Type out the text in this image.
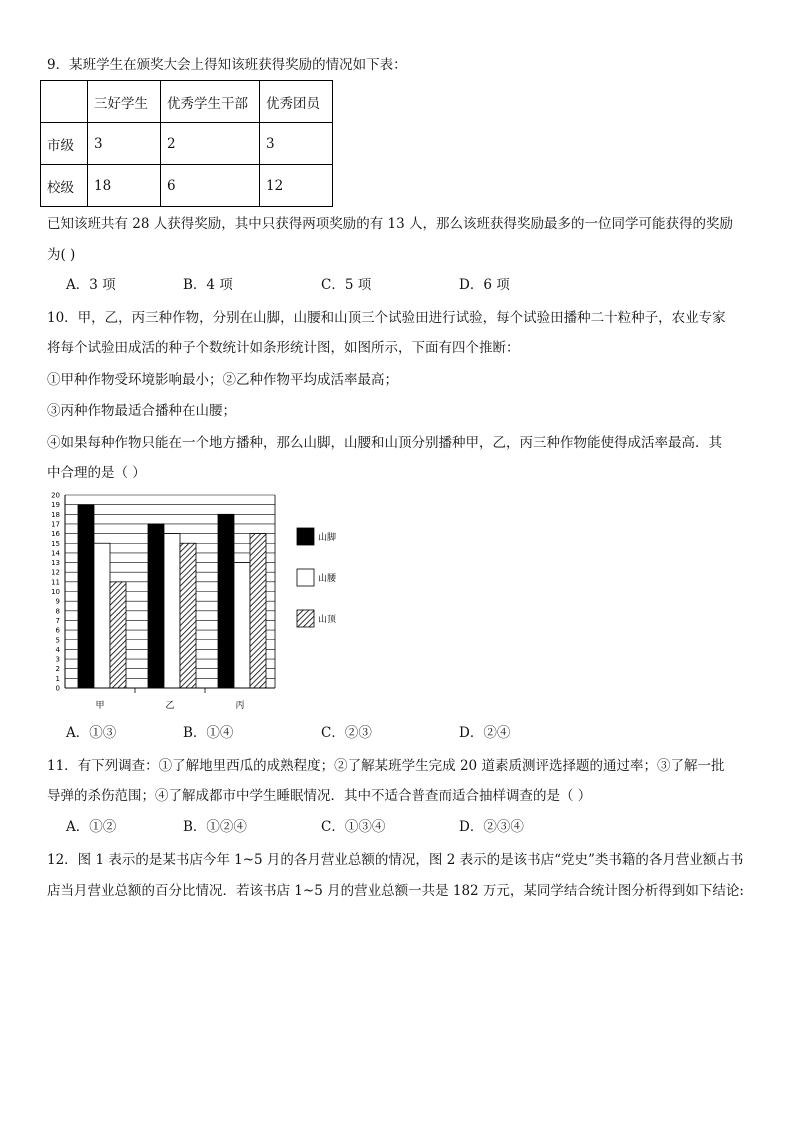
9．某班学生在颁奖大会上得知该班获得奖励的情况如下表：
	三好学生	优秀学生干部	优秀团员
市级	3	2	3
校级	18	6	12
已知该班共有 28 人获得奖励，其中只获得两项奖励的有 13 人，那么该班获得奖励最多的一位同学可能获得的奖励
为( )
A．3 项	B．4 项	C．5 项	D．6 项
10．甲，乙，丙三种作物，分别在山脚，山腰和山顶三个试验田进行试验，每个试验田播种二十粒种子，农业专家
将每个试验田成活的种子个数统计如条形统计图，如图所示，下面有四个推断：
①甲种作物受环境影响最小；②乙种作物平均成活率最高；
③丙种作物最适合播种在山腰；
④如果每种作物只能在一个地方播种，那么山脚，山腰和山顶分别播种甲，乙，丙三种作物能使得成活率最高．其
中合理的是（ ）
0
1
2
3
4
5
6
7
8
9
10
11
12
13
14
15
16
17
18
19
20
甲	乙	丙
山脚
山腰
山顶
A．①③	B．①④	C．②③	D．②④
11．有下列调查：①了解地里西瓜的成熟程度；②了解某班学生完成 20 道素质测评选择题的通过率；③了解一批
导弹的杀伤范围；④了解成都市中学生睡眠情况．其中不适合普查而适合抽样调查的是（ ）
A．①②	B．①②④	C．①③④	D．②③④
12．图 1 表示的是某书店今年 1~5 月的各月营业总额的情况，图 2 表示的是该书店“党史”类书籍的各月营业额占书
店当月营业总额的百分比情况．若该书店 1~5 月的营业总额一共是 182 万元，某同学结合统计图分析得到如下结论:
